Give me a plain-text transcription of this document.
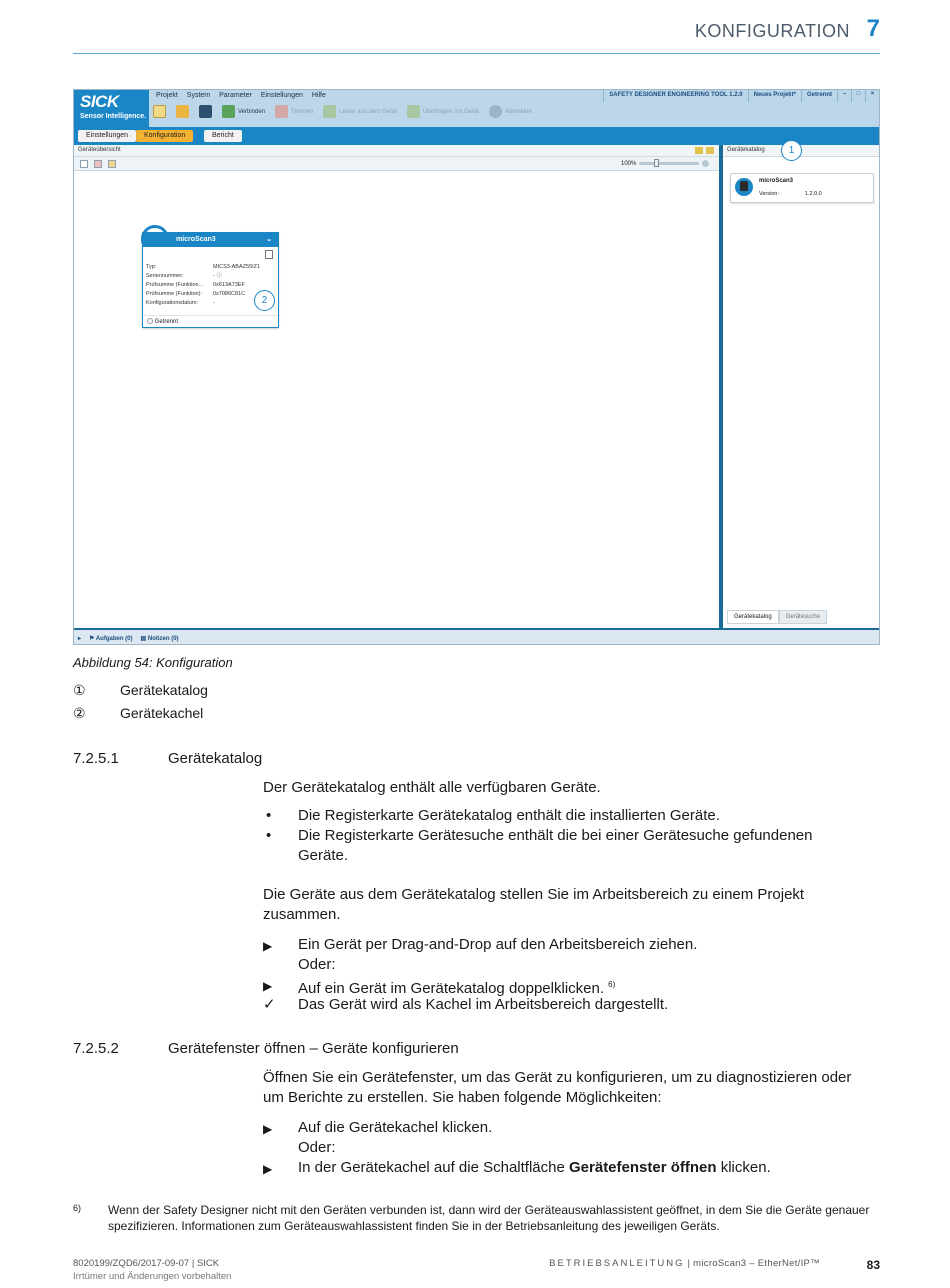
KONFIGURATION 7
SICK
Sensor Intelligence.
Projekt System Parameter Einstellungen Hilfe	SAFETY DESIGNER ENGINEERING TOOL 1.2.0	Neues Projekt*	Getrennt	–	□	×
Verbinden	Trennen	Lesen aus dem Gerät	Übertragen ins Gerät	Abmelden
Einstellungen	Konfiguration	Bericht
Geräteübersicht
100%
microScan3	⌄
Typ:	MICS3-ABAZ55IZ1
Seriennummer:	- ⓘ
Prüfsumme (Funktion...	0x613A73EF
Prüfsumme (Funktion):	0x7086C81C
Konfigurationsdatum:	-
Getrennt
2
Gerätekatalog
microScan3
Version:	1.2.0.0
Gerätekatalog	Gerätesuche
1
▸ ⚑ Aufgaben (0) ▤ Notizen (0)
Abbildung 54: Konfiguration
①	Gerätekatalog
②	Gerätekachel
7.2.5.1	Gerätekatalog
Der Gerätekatalog enthält alle verfügbaren Geräte.
•	Die Registerkarte Gerätekatalog enthält die installierten Geräte.
•	Die Registerkarte Gerätesuche enthält die bei einer Gerätesuche gefundenen Geräte.
Die Geräte aus dem Gerätekatalog stellen Sie im Arbeitsbereich zu einem Projekt zusammen.
▶	Ein Gerät per Drag-and-Drop auf den Arbeitsbereich ziehen.
Oder:
▶	Auf ein Gerät im Gerätekatalog doppelklicken. $^{6)}$
✓	Das Gerät wird als Kachel im Arbeitsbereich dargestellt.
7.2.5.2	Gerätefenster öffnen – Geräte konfigurieren
Öffnen Sie ein Gerätefenster, um das Gerät zu konfigurieren, um zu diagnostizieren oder um Berichte zu erstellen. Sie haben folgende Möglichkeiten:
▶	Auf die Gerätekachel klicken.
Oder:
▶	In der Gerätekachel auf die Schaltfläche Gerätefenster öffnen klicken.
6) Wenn der Safety Designer nicht mit den Geräten verbunden ist, dann wird der Geräteauswahlassistent geöffnet, in dem Sie die Geräte genauer spezifizieren. Informationen zum Geräteauswahlassistent finden Sie in der Betriebsanleitung des jeweiligen Geräts.
8020199/ZQD6/2017-09-07 | SICK
Irrtümer und Änderungen vorbehalten
BETRIEBSANLEITUNG | microScan3 – EtherNet/IP™	83
